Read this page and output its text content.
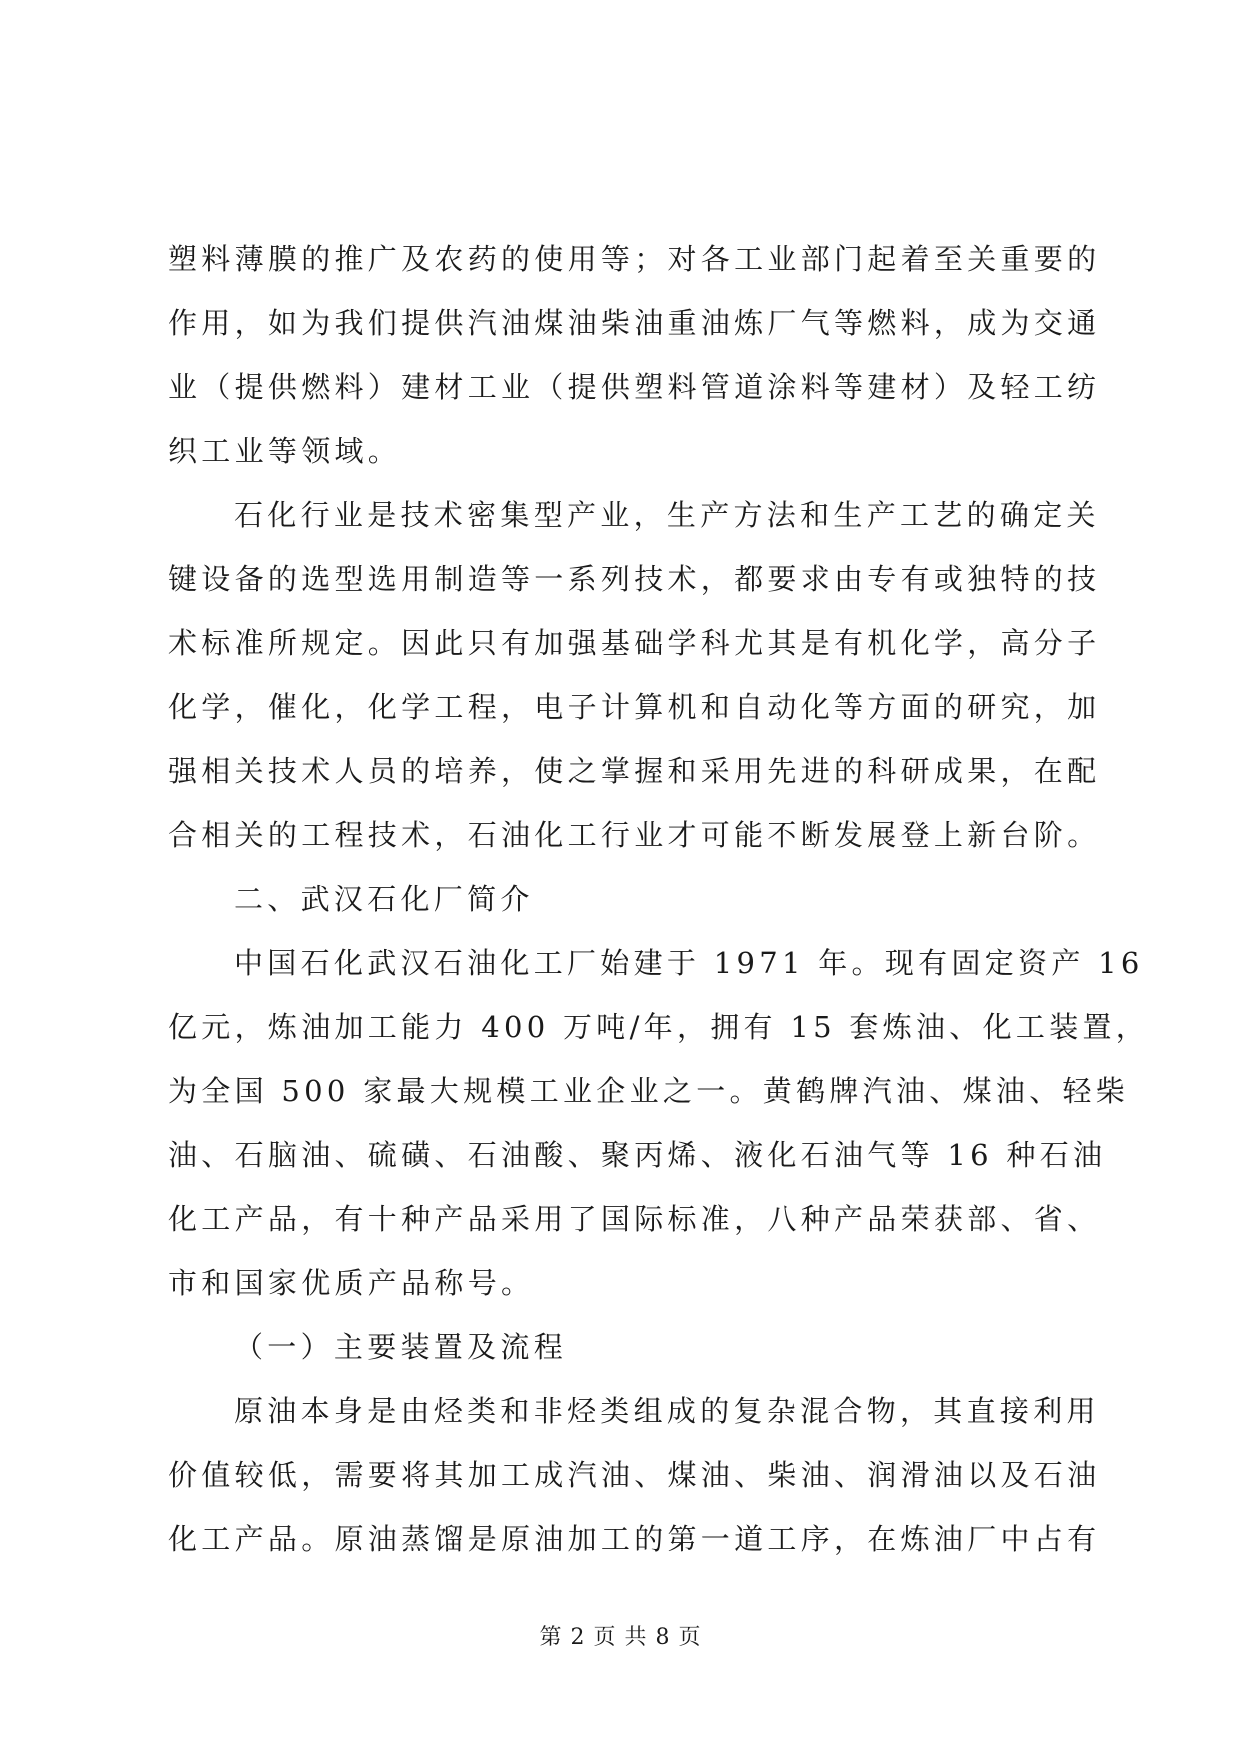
塑料薄膜的推广及农药的使用等；对各工业部门起着至关重要的
作用，如为我们提供汽油煤油柴油重油炼厂气等燃料，成为交通
业（提供燃料）建材工业（提供塑料管道涂料等建材）及轻工纺
织工业等领域。
石化行业是技术密集型产业，生产方法和生产工艺的确定关
键设备的选型选用制造等一系列技术，都要求由专有或独特的技
术标准所规定。因此只有加强基础学科尤其是有机化学，高分子
化学，催化，化学工程，电子计算机和自动化等方面的研究，加
强相关技术人员的培养，使之掌握和采用先进的科研成果，在配
合相关的工程技术，石油化工行业才可能不断发展登上新台阶。
二、武汉石化厂简介
中国石化武汉石油化工厂始建于 1971 年。现有固定资产 16
亿元，炼油加工能力 400 万吨/年，拥有 15 套炼油、化工装置，
为全国 500 家最大规模工业企业之一。黄鹤牌汽油、煤油、轻柴
油、石脑油、硫磺、石油酸、聚丙烯、液化石油气等 16 种石油
化工产品，有十种产品采用了国际标准，八种产品荣获部、省、
市和国家优质产品称号。
（一）主要装置及流程
原油本身是由烃类和非烃类组成的复杂混合物，其直接利用
价值较低，需要将其加工成汽油、煤油、柴油、润滑油以及石油
化工产品。原油蒸馏是原油加工的第一道工序，在炼油厂中占有
第 2 页 共 8 页
